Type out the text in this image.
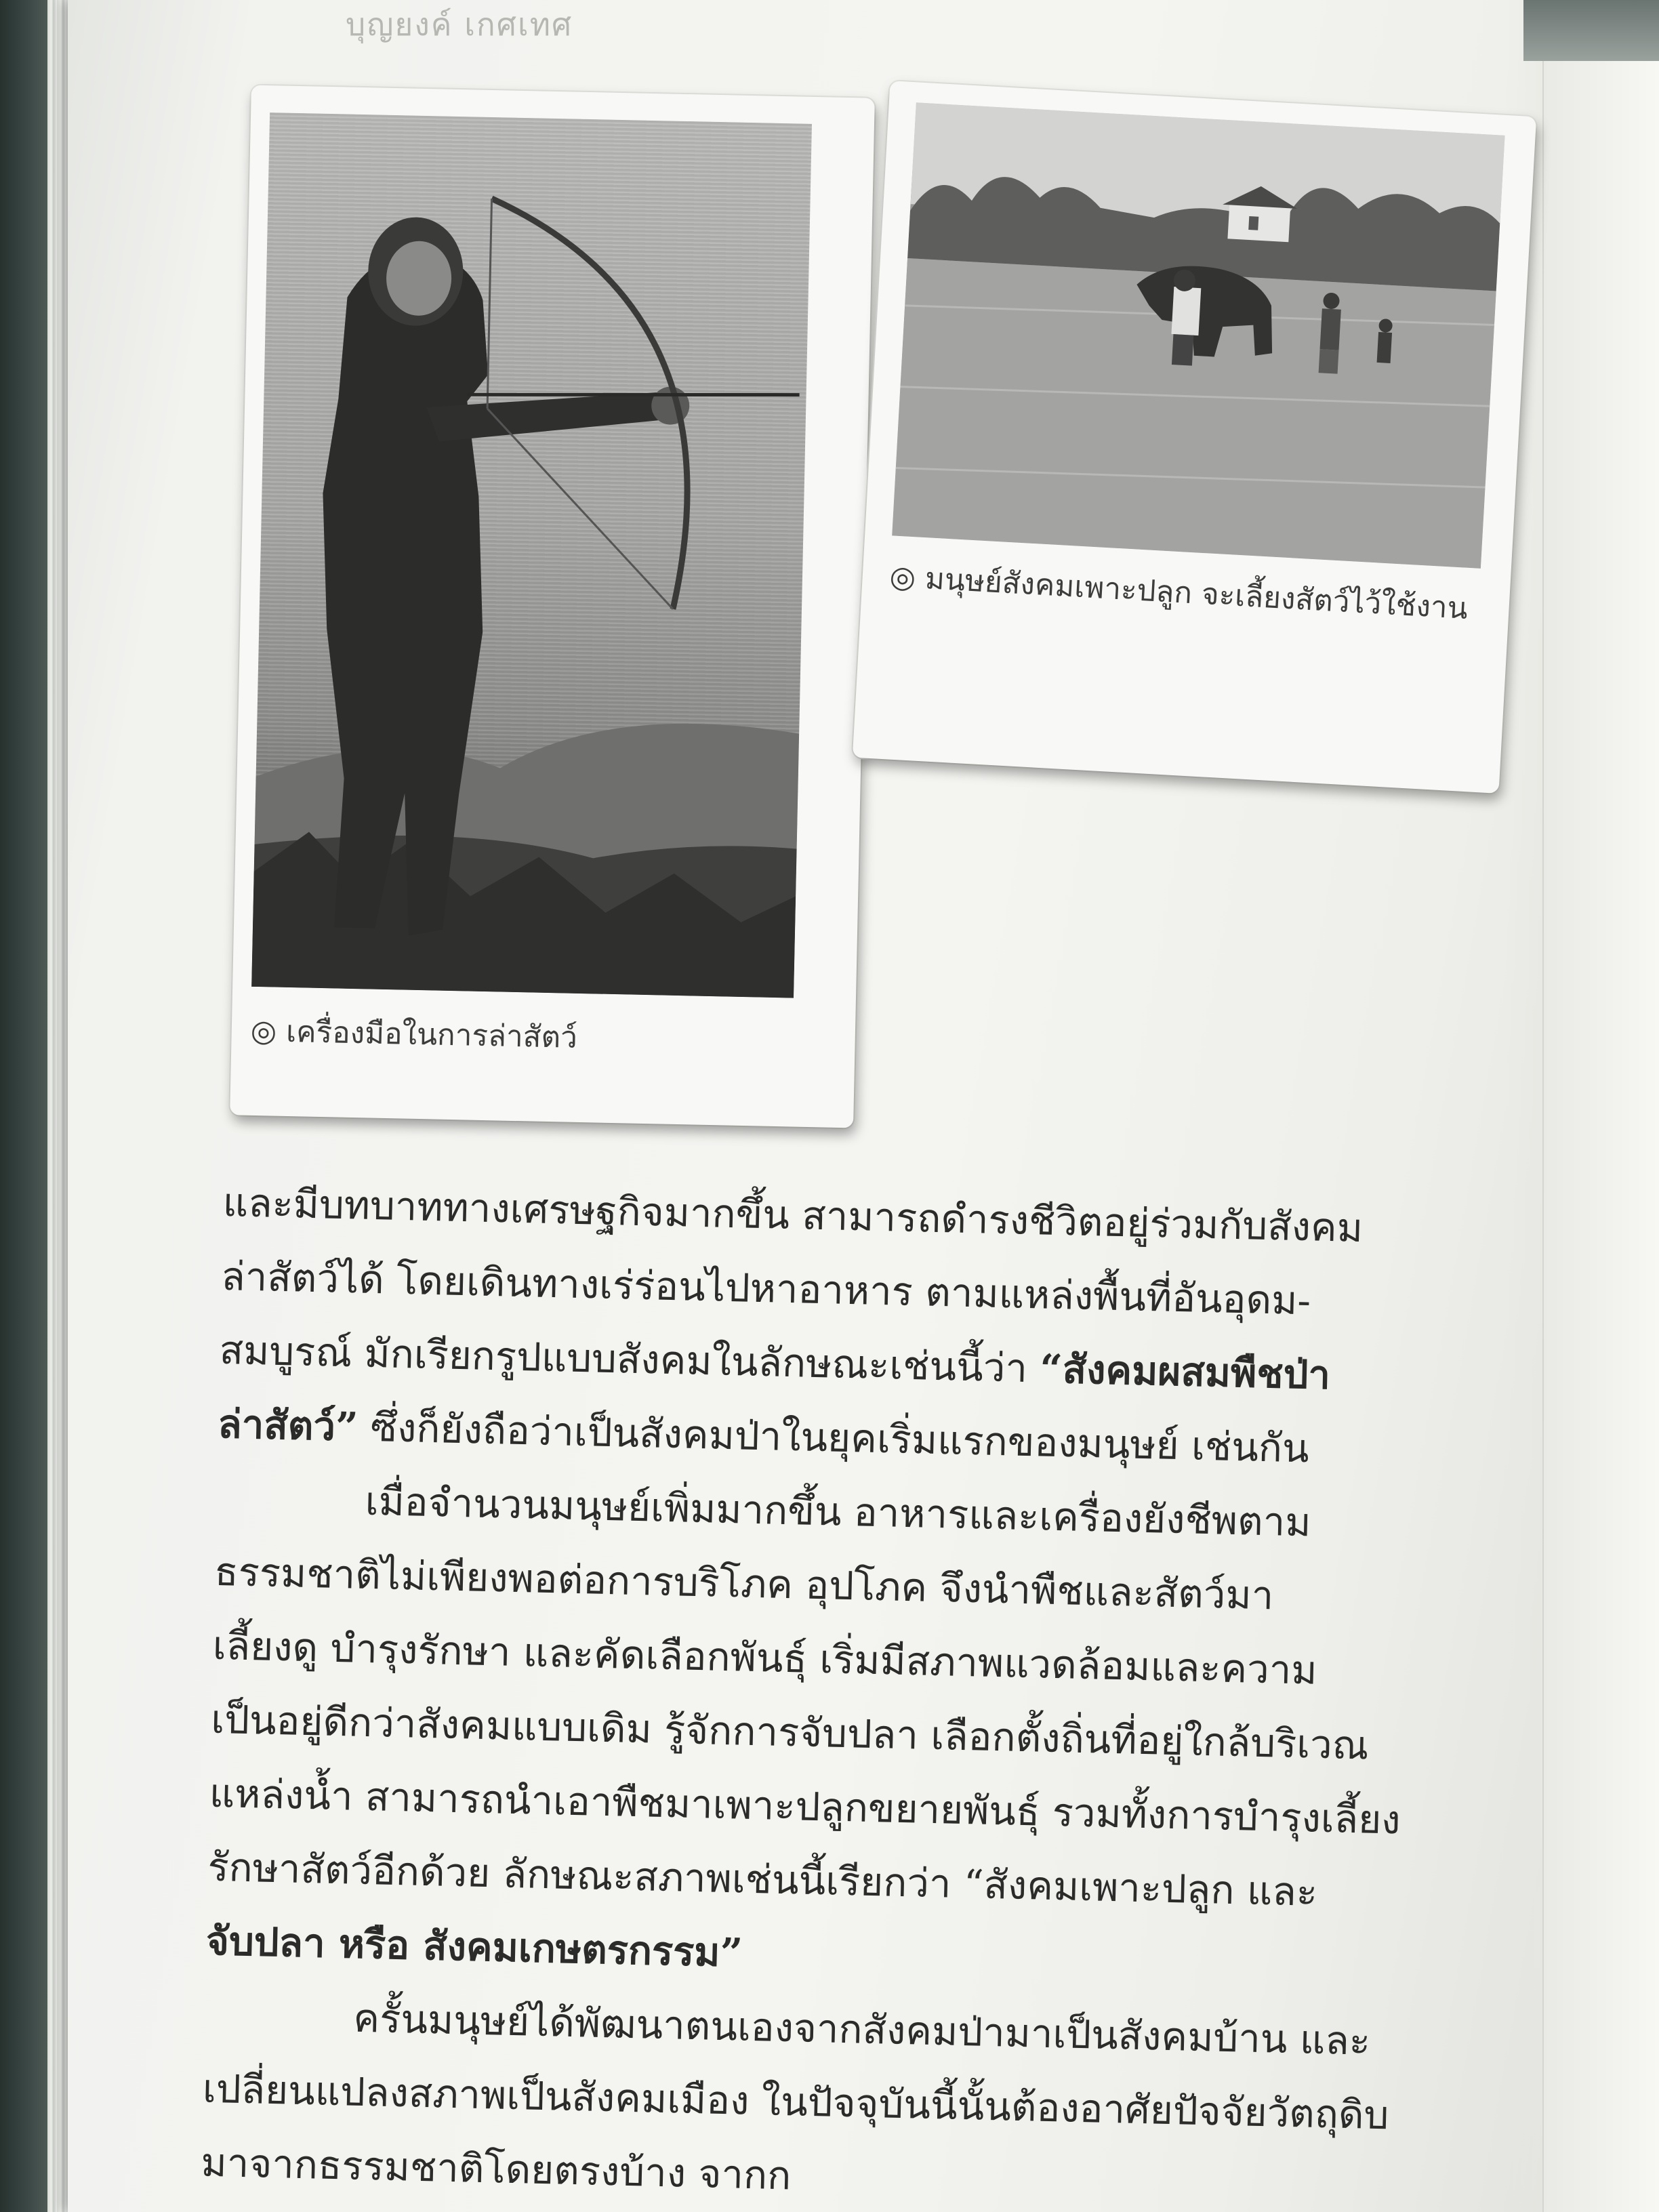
บุญยงค์ เกศเทศ
◎ เครื่องมือในการล่าสัตว์
◎ มนุษย์สังคมเพาะปลูก จะเลี้ยงสัตว์ไว้ใช้งาน
และมีบทบาททางเศรษฐกิจมากขึ้น สามารถดำรงชีวิตอยู่ร่วมกับสังคม
ล่าสัตว์ได้ โดยเดินทางเร่ร่อนไปหาอาหาร ตามแหล่งพื้นที่อันอุดม-
สมบูรณ์ มักเรียกรูปแบบสังคมในลักษณะเช่นนี้ว่า “สังคมผสมพืชป่า
ล่าสัตว์” ซึ่งก็ยังถือว่าเป็นสังคมป่าในยุคเริ่มแรกของมนุษย์ เช่นกัน
เมื่อจำนวนมนุษย์เพิ่มมากขึ้น อาหารและเครื่องยังชีพตาม
ธรรมชาติไม่เพียงพอต่อการบริโภค อุปโภค จึงนำพืชและสัตว์มา
เลี้ยงดู บำรุงรักษา และคัดเลือกพันธุ์ เริ่มมีสภาพแวดล้อมและความ
เป็นอยู่ดีกว่าสังคมแบบเดิม รู้จักการจับปลา เลือกตั้งถิ่นที่อยู่ใกล้บริเวณ
แหล่งน้ำ สามารถนำเอาพืชมาเพาะปลูกขยายพันธุ์ รวมทั้งการบำรุงเลี้ยง
รักษาสัตว์อีกด้วย ลักษณะสภาพเช่นนี้เรียกว่า “สังคมเพาะปลูก และ
จับปลา หรือ สังคมเกษตรกรรม”
ครั้นมนุษย์ได้พัฒนาตนเองจากสังคมป่ามาเป็นสังคมบ้าน และ
เปลี่ยนแปลงสภาพเป็นสังคมเมือง ในปัจจุบันนี้นั้นต้องอาศัยปัจจัยวัตถุดิบ
มาจากธรรมชาติโดยตรงบ้าง จากก
